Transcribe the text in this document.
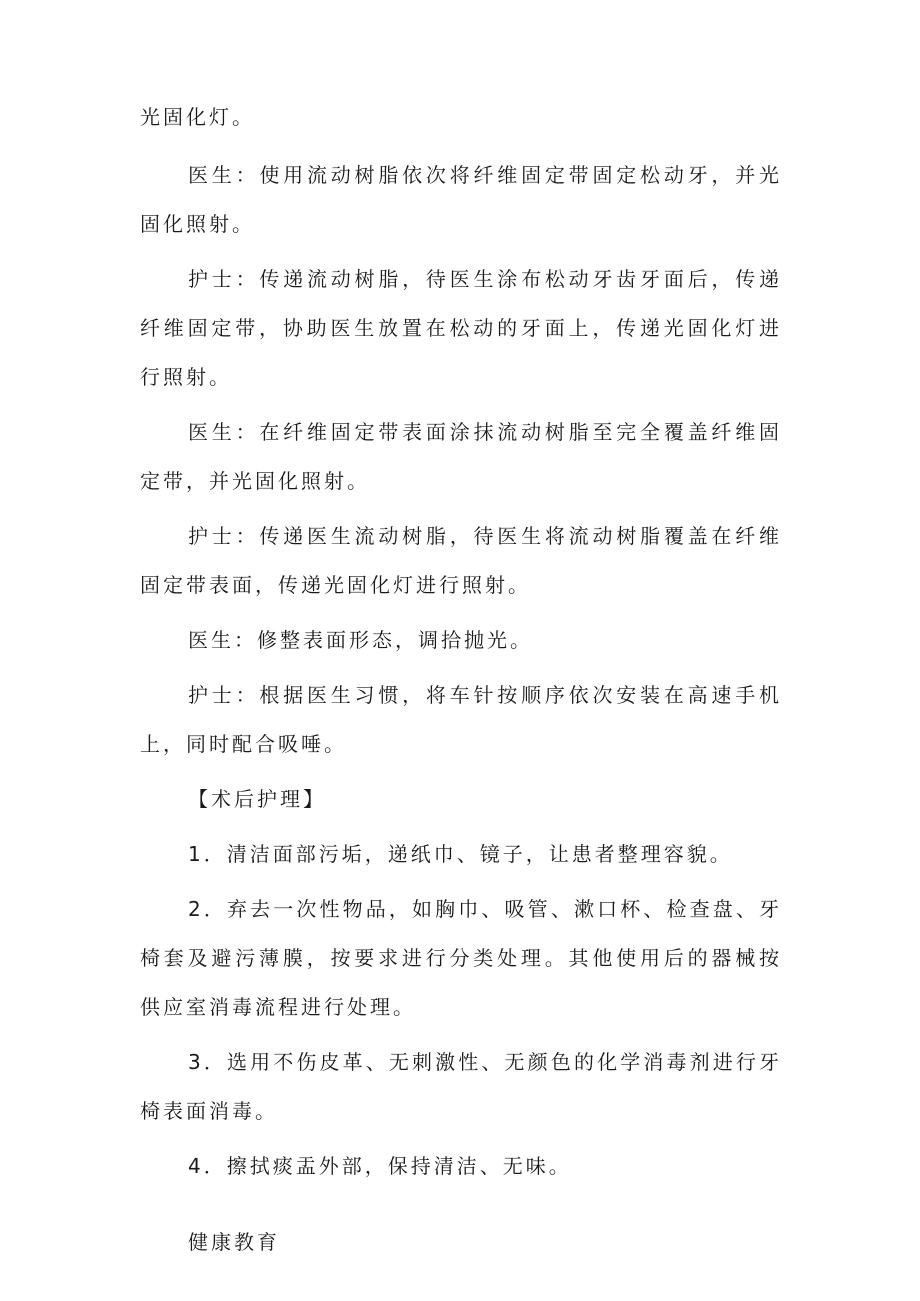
光固化灯。

医生：使用流动树脂依次将纤维固定带固定松动牙，并光固化照射。

护士：传递流动树脂，待医生涂布松动牙齿牙面后，传递纤维固定带，协助医生放置在松动的牙面上，传递光固化灯进行照射。

医生：在纤维固定带表面涂抹流动树脂至完全覆盖纤维固定带，并光固化照射。

护士：传递医生流动树脂，待医生将流动树脂覆盖在纤维固定带表面，传递光固化灯进行照射。

医生：修整表面形态，调拾抛光。

护士：根据医生习惯，将车针按顺序依次安装在高速手机上，同时配合吸唾。

【术后护理】

1．清洁面部污垢，递纸巾、镜子，让患者整理容貌。

2．弃去一次性物品，如胸巾、吸管、漱口杯、检查盘、牙椅套及避污薄膜，按要求进行分类处理。其他使用后的器械按供应室消毒流程进行处理。

3．选用不伤皮革、无刺激性、无颜色的化学消毒剂进行牙椅表面消毒。

4．擦拭痰盂外部，保持清洁、无味。

健康教育
